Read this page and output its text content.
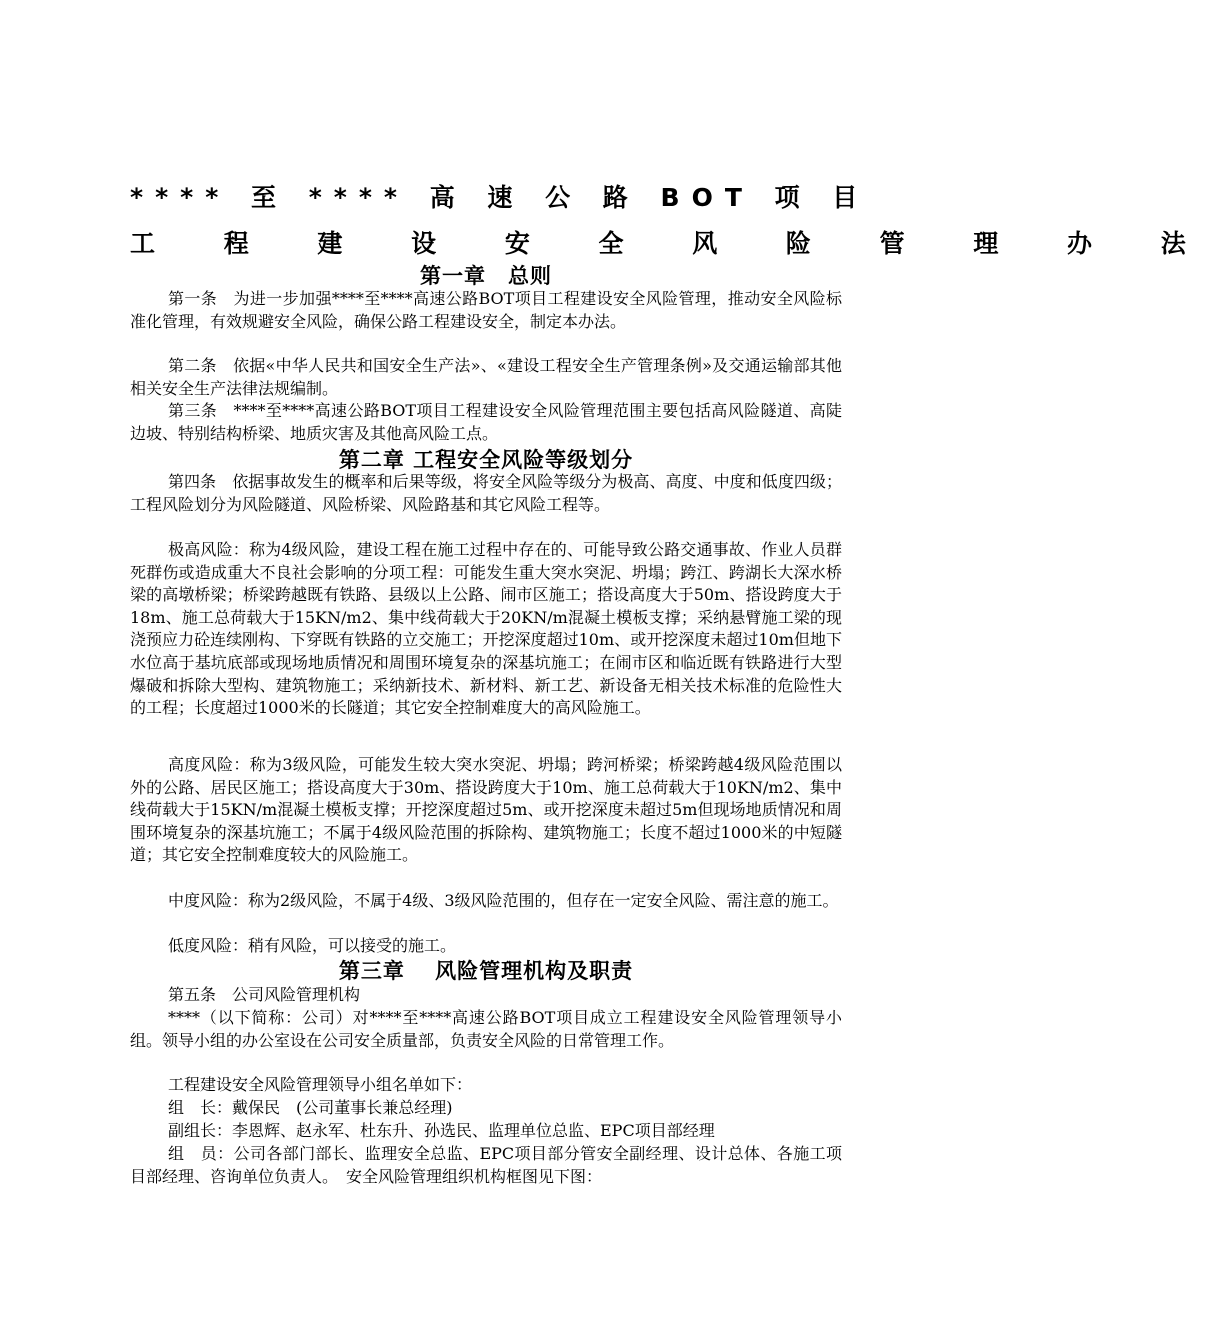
**** 至 **** 高 速 公 路 BOT 项 目
工 程 建 设 安 全 风 险 管 理 办 法
第一章　总则

第一条　为进一步加强****至****高速公路BOT项目工程建设安全风险管理，推动安全风险标准化管理，有效规避安全风险，确保公路工程建设安全，制定本办法。

第二条　依据«中华人民共和国安全生产法»、«建设工程安全生产管理条例»及交通运输部其他相关安全生产法律法规编制。

第三条　****至****高速公路BOT项目工程建设安全风险管理范围主要包括高风险隧道、高陡边坡、特别结构桥梁、地质灾害及其他高风险工点。

第二章 工程安全风险等级划分

第四条　依据事故发生的概率和后果等级，将安全风险等级分为极高、高度、中度和低度四级；工程风险划分为风险隧道、风险桥梁、风险路基和其它风险工程等。

极高风险：称为4级风险，建设工程在施工过程中存在的、可能导致公路交通事故、作业人员群死群伤或造成重大不良社会影响的分项工程：可能发生重大突水突泥、坍塌；跨江、跨湖长大深水桥梁的高墩桥梁；桥梁跨越既有铁路、县级以上公路、闹市区施工；搭设高度大于50m、搭设跨度大于18m、施工总荷载大于15KN/m2、集中线荷载大于20KN/m混凝土模板支撑；采纳悬臂施工梁的现浇预应力砼连续刚构、下穿既有铁路的立交施工；开挖深度超过10m、或开挖深度未超过10m但地下水位高于基坑底部或现场地质情况和周围环境复杂的深基坑施工；在闹市区和临近既有铁路进行大型爆破和拆除大型构、建筑物施工；采纳新技术、新材料、新工艺、新设备无相关技术标准的危险性大的工程；长度超过1000米的长隧道；其它安全控制难度大的高风险施工。

高度风险：称为3级风险，可能发生较大突水突泥、坍塌；跨河桥梁；桥梁跨越4级风险范围以外的公路、居民区施工；搭设高度大于30m、搭设跨度大于10m、施工总荷载大于10KN/m2、集中线荷载大于15KN/m混凝土模板支撑；开挖深度超过5m、或开挖深度未超过5m但现场地质情况和周围环境复杂的深基坑施工；不属于4级风险范围的拆除构、建筑物施工；长度不超过1000米的中短隧道；其它安全控制难度较大的风险施工。

中度风险：称为2级风险，不属于4级、3级风险范围的，但存在一定安全风险、需注意的施工。

低度风险：稍有风险，可以接受的施工。

第三章　 风险管理机构及职责

第五条　公司风险管理机构

****（以下简称：公司）对****至****高速公路BOT项目成立工程建设安全风险管理领导小组。领导小组的办公室设在公司安全质量部，负责安全风险的日常管理工作。

工程建设安全风险管理领导小组名单如下：

组　长：戴保民　(公司董事长兼总经理)
副组长：李恩辉、赵永军、杜东升、孙选民、监理单位总监、EPC项目部经理

组　员：公司各部门部长、监理安全总监、EPC项目部分管安全副经理、设计总体、各施工项目部经理、咨询单位负责人。　安全风险管理组织机构框图见下图：
